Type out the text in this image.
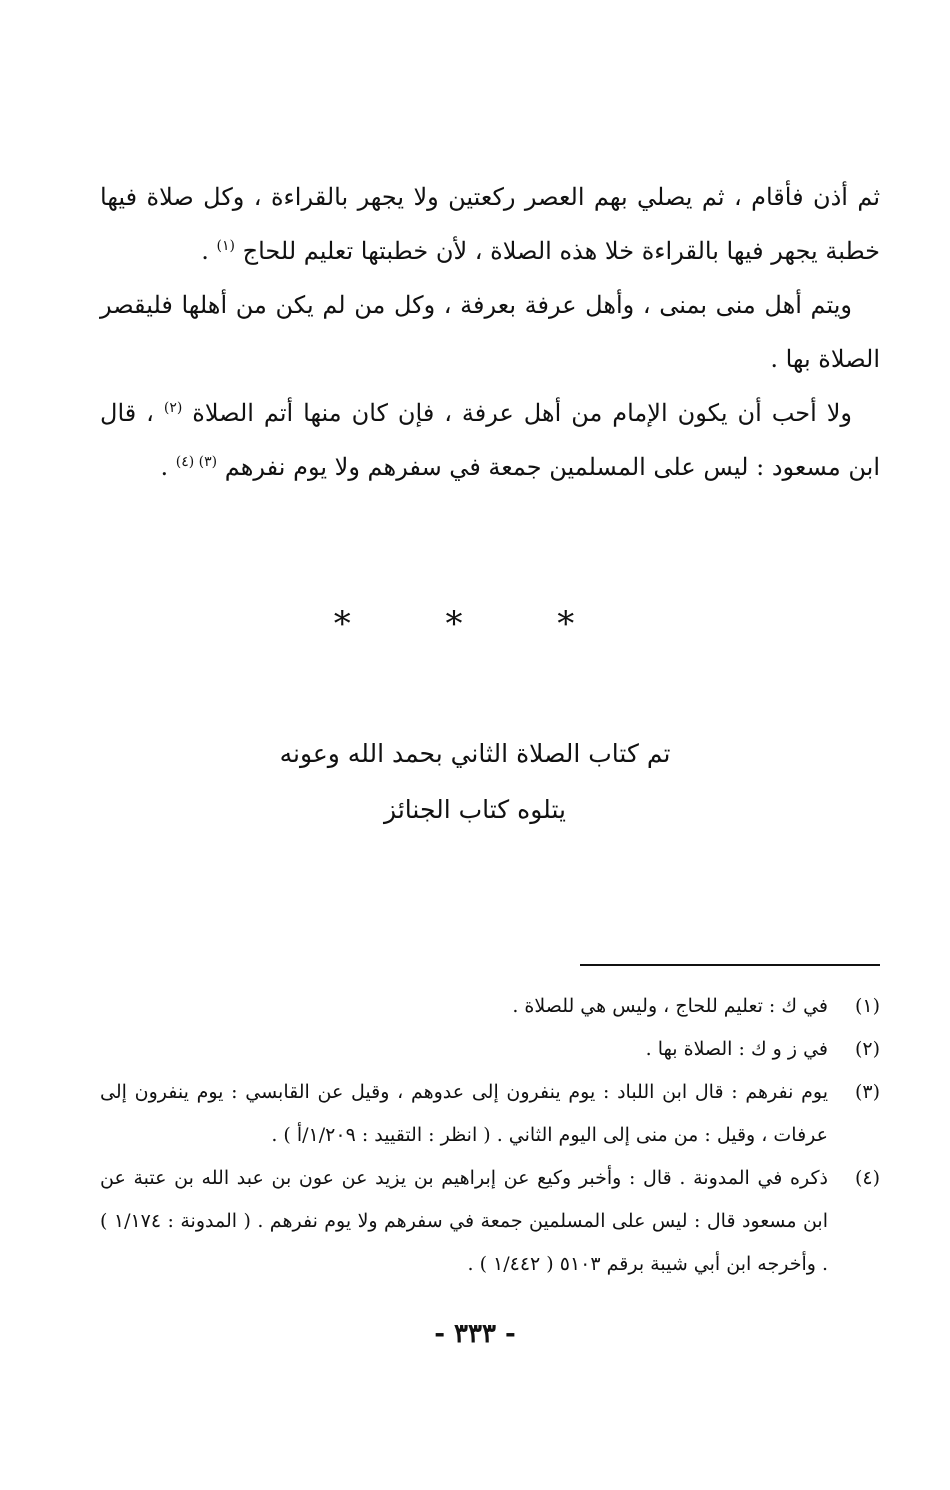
ثم أذن فأقام ، ثم يصلي بهم العصر ركعتين ولا يجهر بالقراءة ، وكل صلاة فيها خطبة يجهر فيها بالقراءة خلا هذه الصلاة ، لأن خطبتها تعليم للحاج $^{(١)}$ .

ويتم أهل منى بمنى ، وأهل عرفة بعرفة ، وكل من لم يكن من أهلها فليقصر الصلاة بها .

ولا أحب أن يكون الإمام من أهل عرفة ، فإن كان منها أتم الصلاة $^{(٢)}$ ، قال ابن مسعود : ليس على المسلمين جمعة في سفرهم ولا يوم نفرهم $^{(٣) (٤)}$ .

* * *
تم كتاب الصلاة الثاني بحمد الله وعونه
يتلوه كتاب الجنائز

(١)
في ك : تعليم للحاج ، وليس هي للصلاة .

(٢)
في ز و ك : الصلاة بها .

(٣)
يوم نفرهم : قال ابن اللباد : يوم ينفرون إلى عدوهم ، وقيل عن القابسي : يوم ينفرون إلى عرفات ، وقيل : من منى إلى اليوم الثاني . ( انظر : التقييد : ١/٢٠٩/أ ) .

(٤)
ذكره في المدونة . قال : وأخبر وكيع عن إبراهيم بن يزيد عن عون بن عبد الله بن عتبة عن ابن مسعود قال : ليس على المسلمين جمعة في سفرهم ولا يوم نفرهم . ( المدونة : ١/١٧٤ ) . وأخرجه ابن أبي شيبة برقم ٥١٠٣ ( ١/٤٤٢ ) .

- ٣٣٣ -
